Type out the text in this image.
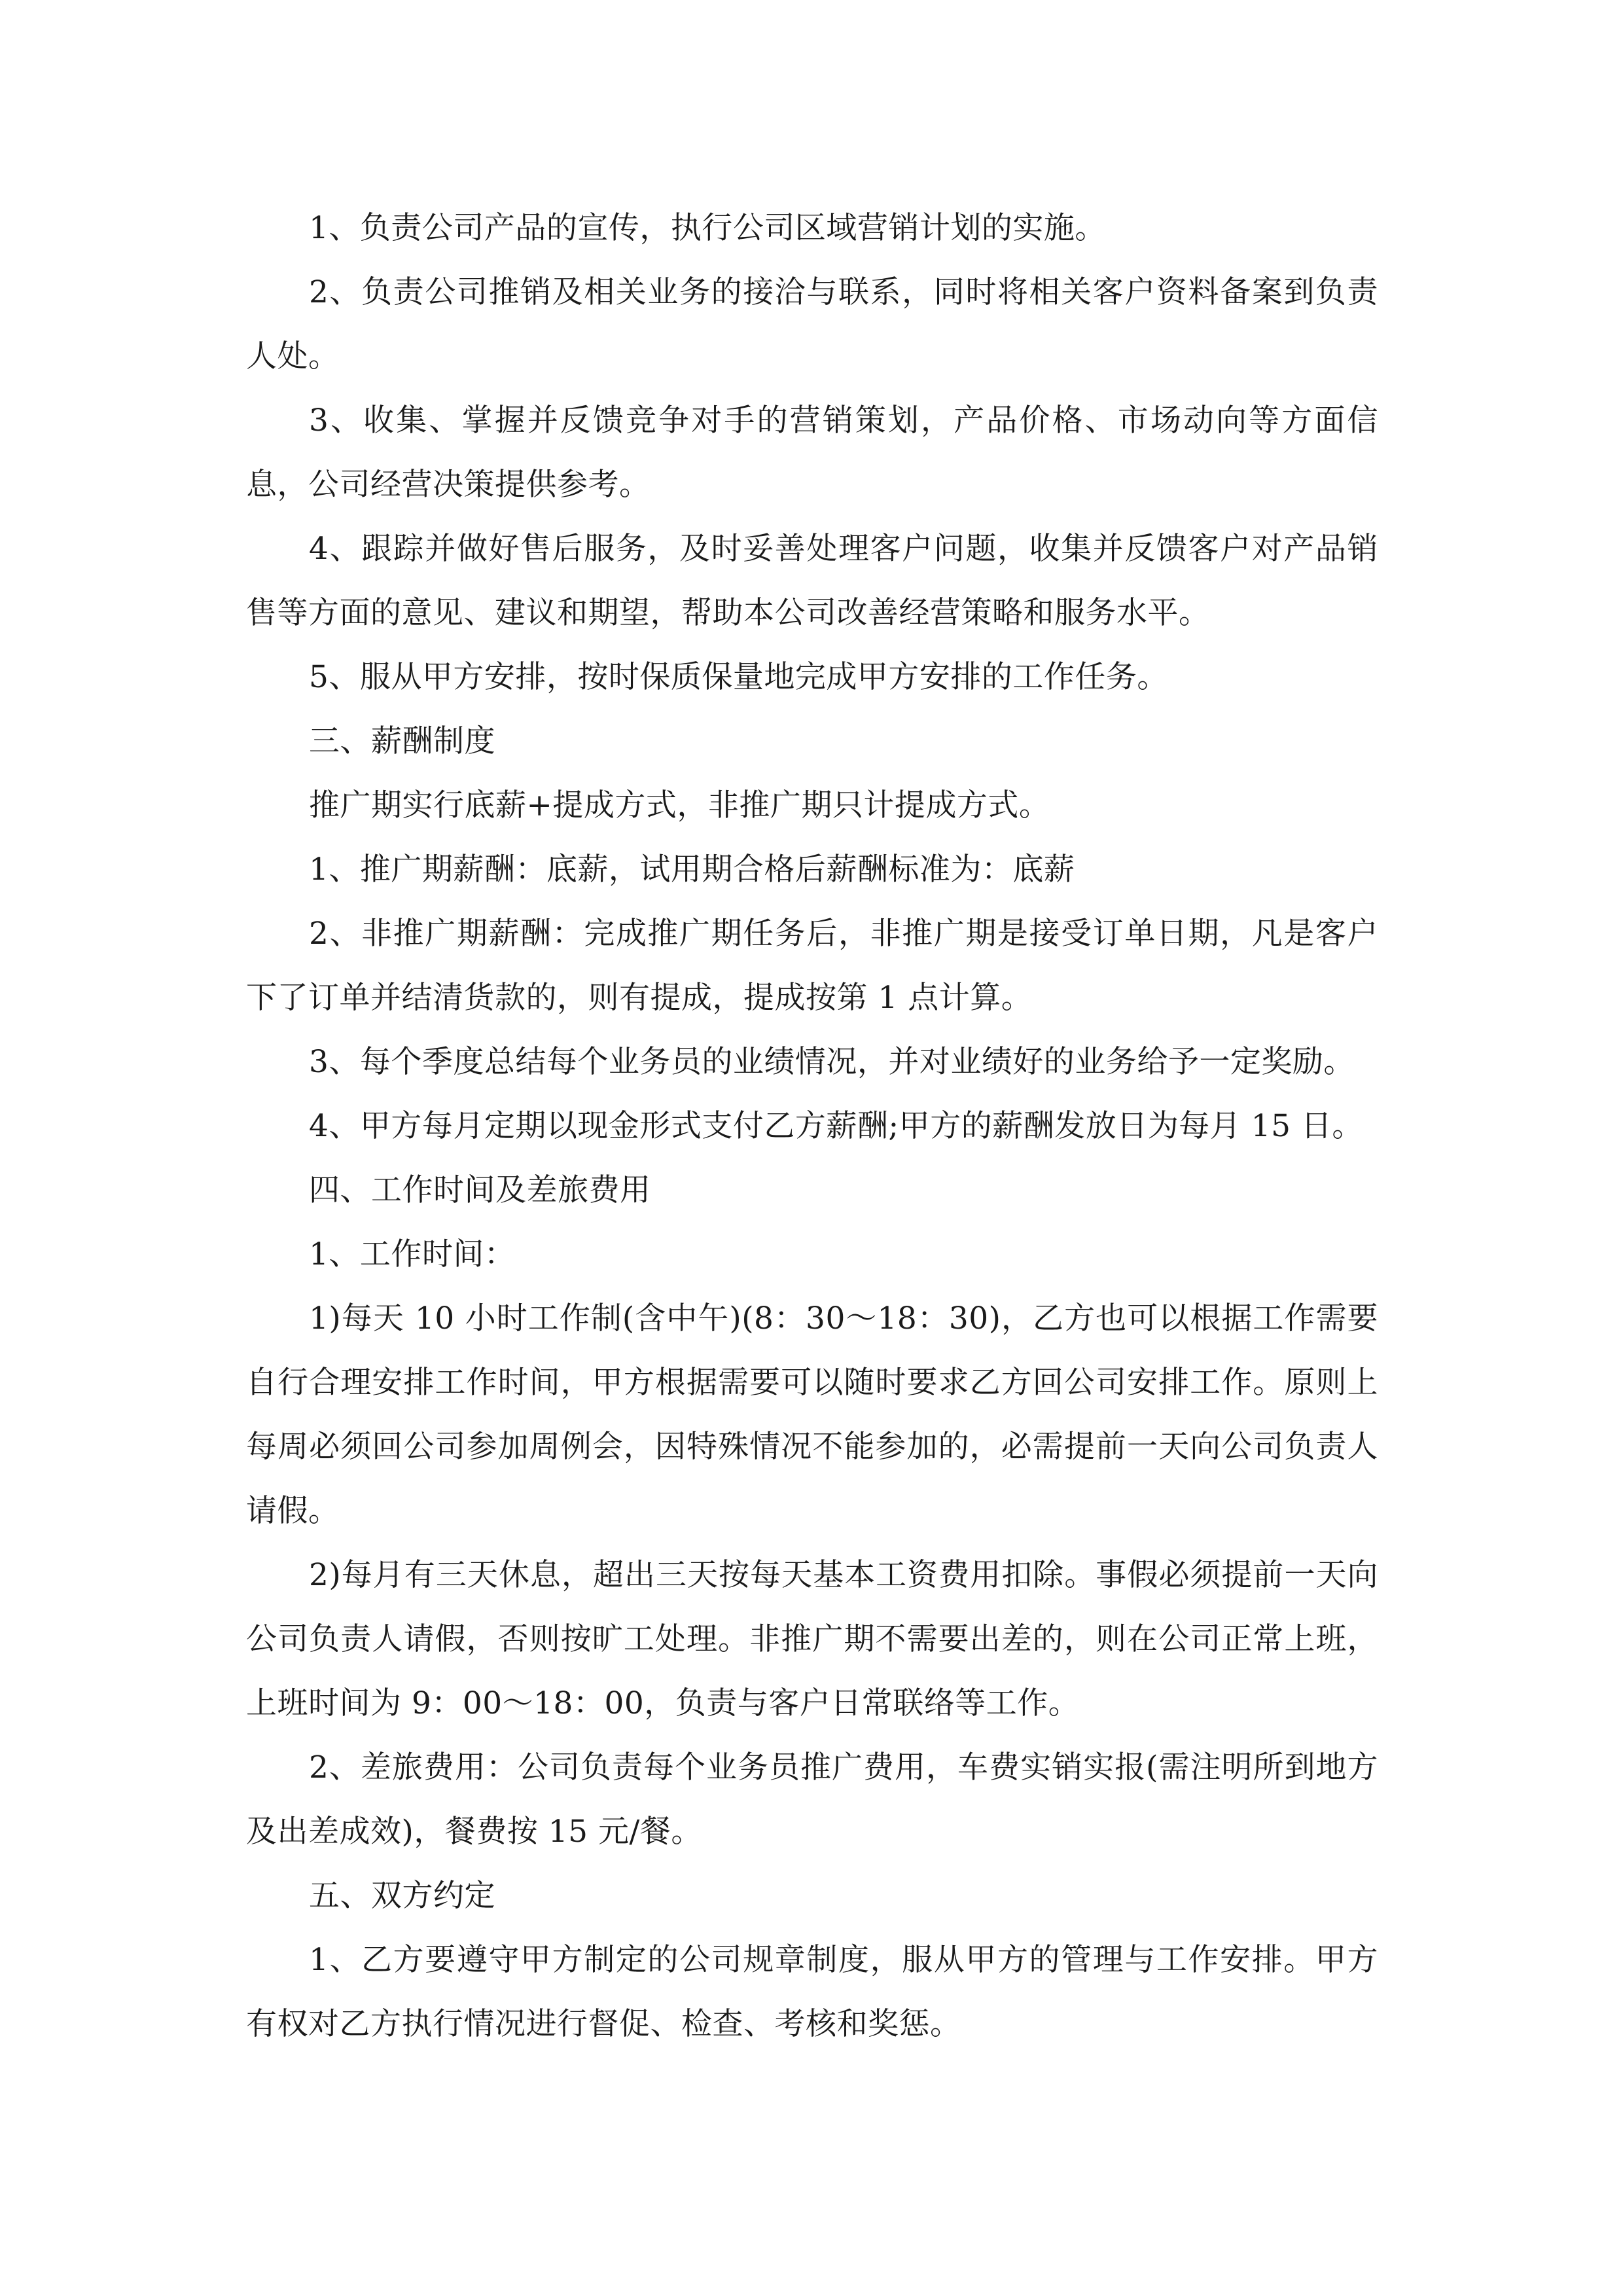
1、负责公司产品的宣传，执行公司区域营销计划的实施。

2、负责公司推销及相关业务的接洽与联系，同时将相关客户资料备案到负责人处。

3、收集、掌握并反馈竞争对手的营销策划，产品价格、市场动向等方面信息，公司经营决策提供参考。

4、跟踪并做好售后服务，及时妥善处理客户问题，收集并反馈客户对产品销售等方面的意见、建议和期望，帮助本公司改善经营策略和服务水平。

5、服从甲方安排，按时保质保量地完成甲方安排的工作任务。

三、薪酬制度

推广期实行底薪+提成方式，非推广期只计提成方式。

1、推广期薪酬：底薪，试用期合格后薪酬标准为：底薪

2、非推广期薪酬：完成推广期任务后，非推广期是接受订单日期，凡是客户下了订单并结清货款的，则有提成，提成按第 1 点计算。

3、每个季度总结每个业务员的业绩情况，并对业绩好的业务给予一定奖励。

4、甲方每月定期以现金形式支付乙方薪酬;甲方的薪酬发放日为每月 15 日。

四、工作时间及差旅费用

1、工作时间：

1)每天 10 小时工作制(含中午)(8：30～18：30)，乙方也可以根据工作需要自行合理安排工作时间，甲方根据需要可以随时要求乙方回公司安排工作。原则上每周必须回公司参加周例会，因特殊情况不能参加的，必需提前一天向公司负责人请假。

2)每月有三天休息，超出三天按每天基本工资费用扣除。事假必须提前一天向公司负责人请假，否则按旷工处理。非推广期不需要出差的，则在公司正常上班，上班时间为 9：00～18：00，负责与客户日常联络等工作。

2、差旅费用：公司负责每个业务员推广费用，车费实销实报(需注明所到地方及出差成效)，餐费按 15 元/餐。

五、双方约定

1、乙方要遵守甲方制定的公司规章制度，服从甲方的管理与工作安排。甲方有权对乙方执行情况进行督促、检查、考核和奖惩。
